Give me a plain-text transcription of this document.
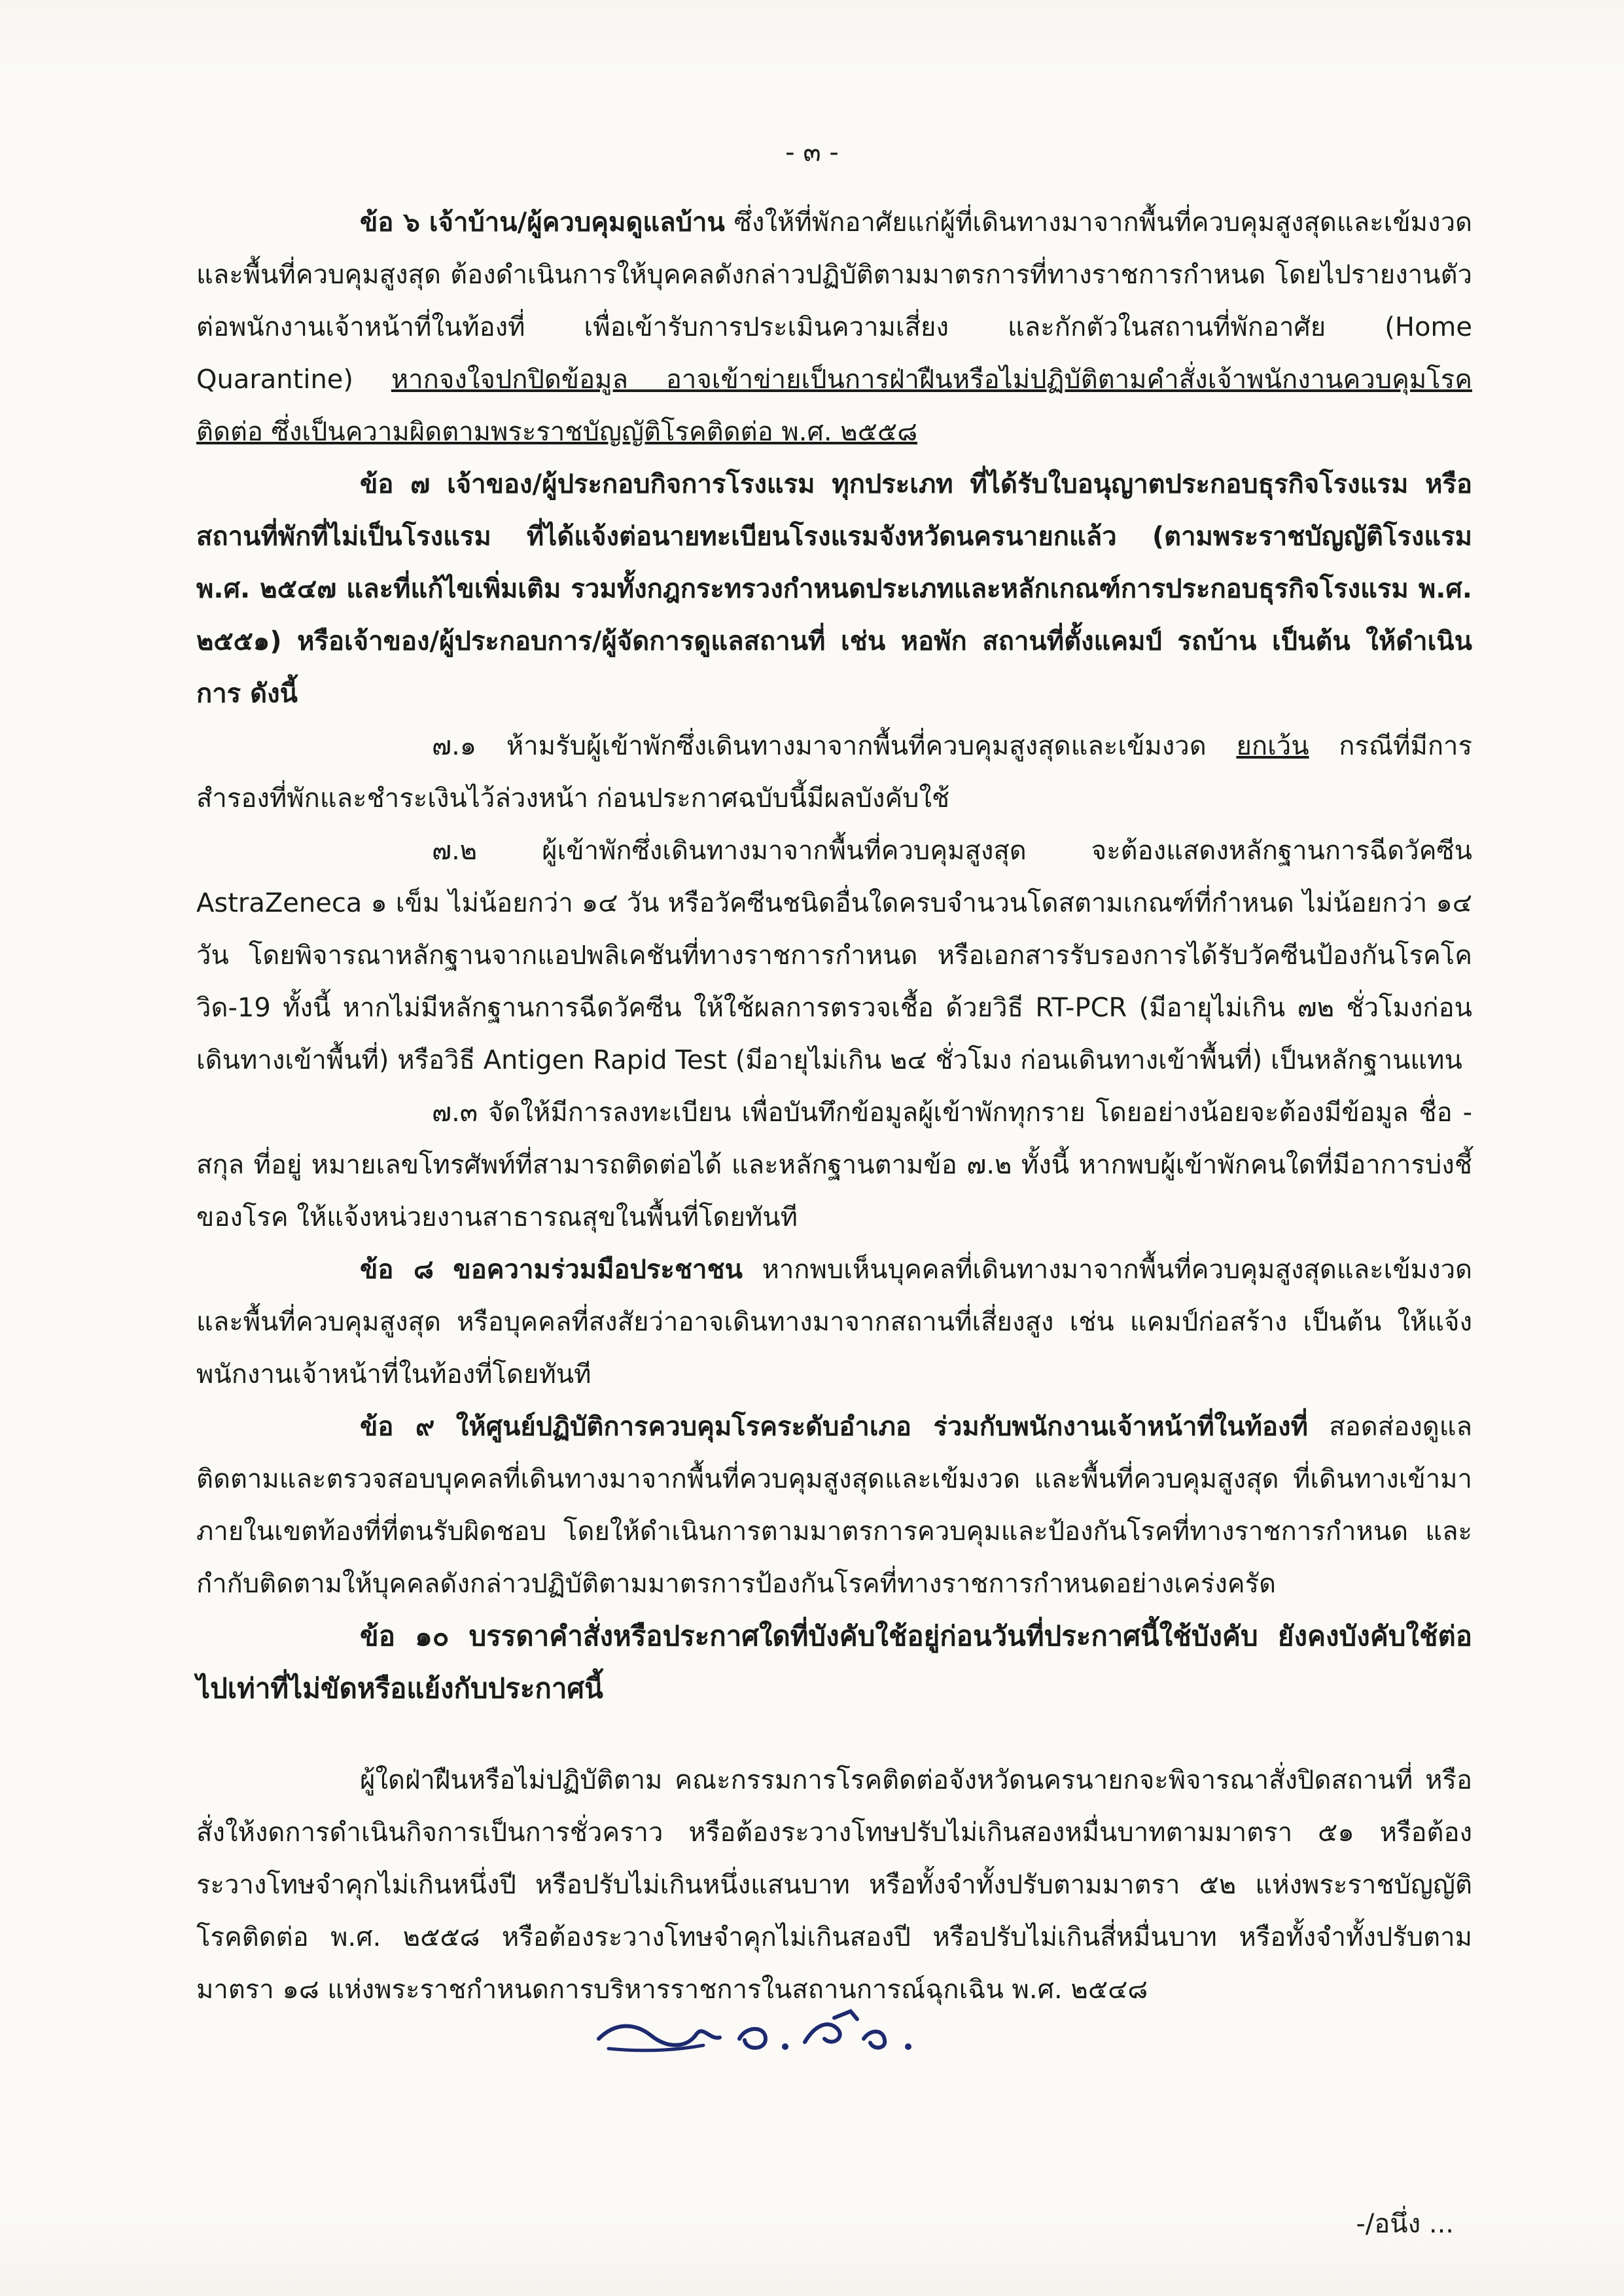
- ๓ -

ข้อ ๖ เจ้าบ้าน/ผู้ควบคุมดูแลบ้าน ซึ่งให้ที่พักอาศัยแก่ผู้ที่เดินทางมาจากพื้นที่ควบคุมสูงสุดและเข้มงวด และพื้นที่ควบคุมสูงสุด ต้องดำเนินการให้บุคคลดังกล่าวปฏิบัติตามมาตรการที่ทางราชการกำหนด โดยไปรายงานตัวต่อพนักงานเจ้าหน้าที่ในท้องที่ เพื่อเข้ารับการประเมินความเสี่ยง และกักตัวในสถานที่พักอาศัย (Home Quarantine) หากจงใจปกปิดข้อมูล อาจเข้าข่ายเป็นการฝ่าฝืนหรือไม่ปฏิบัติตามคำสั่งเจ้าพนักงานควบคุมโรคติดต่อ ซึ่งเป็นความผิดตามพระราชบัญญัติโรคติดต่อ พ.ศ. ๒๕๕๘

ข้อ ๗ เจ้าของ/ผู้ประกอบกิจการโรงแรม ทุกประเภท ที่ได้รับใบอนุญาตประกอบธุรกิจโรงแรม หรือสถานที่พักที่ไม่เป็นโรงแรม ที่ได้แจ้งต่อนายทะเบียนโรงแรมจังหวัดนครนายกแล้ว (ตามพระราชบัญญัติโรงแรม พ.ศ. ๒๕๔๗ และที่แก้ไขเพิ่มเติม รวมทั้งกฎกระทรวงกำหนดประเภทและหลักเกณฑ์การประกอบธุรกิจโรงแรม พ.ศ. ๒๕๕๑) หรือเจ้าของ/ผู้ประกอบการ/ผู้จัดการดูแลสถานที่ เช่น หอพัก สถานที่ตั้งแคมป์ รถบ้าน เป็นต้น ให้ดำเนินการ ดังนี้

๗.๑ ห้ามรับผู้เข้าพักซึ่งเดินทางมาจากพื้นที่ควบคุมสูงสุดและเข้มงวด ยกเว้น กรณีที่มีการสำรองที่พักและชำระเงินไว้ล่วงหน้า ก่อนประกาศฉบับนี้มีผลบังคับใช้

๗.๒ ผู้เข้าพักซึ่งเดินทางมาจากพื้นที่ควบคุมสูงสุด จะต้องแสดงหลักฐานการฉีดวัคซีน AstraZeneca ๑ เข็ม ไม่น้อยกว่า ๑๔ วัน หรือวัคซีนชนิดอื่นใดครบจำนวนโดสตามเกณฑ์ที่กำหนด ไม่น้อยกว่า ๑๔ วัน โดยพิจารณาหลักฐานจากแอปพลิเคชันที่ทางราชการกำหนด หรือเอกสารรับรองการได้รับวัคซีนป้องกันโรคโควิด-19 ทั้งนี้ หากไม่มีหลักฐานการฉีดวัคซีน ให้ใช้ผลการตรวจเชื้อ ด้วยวิธี RT-PCR (มีอายุไม่เกิน ๗๒ ชั่วโมงก่อนเดินทางเข้าพื้นที่) หรือวิธี Antigen Rapid Test (มีอายุไม่เกิน ๒๔ ชั่วโมง ก่อนเดินทางเข้าพื้นที่) เป็นหลักฐานแทน

๗.๓ จัดให้มีการลงทะเบียน เพื่อบันทึกข้อมูลผู้เข้าพักทุกราย โดยอย่างน้อยจะต้องมีข้อมูล ชื่อ - สกุล ที่อยู่ หมายเลขโทรศัพท์ที่สามารถติดต่อได้ และหลักฐานตามข้อ ๗.๒ ทั้งนี้ หากพบผู้เข้าพักคนใดที่มีอาการบ่งชี้ของโรค ให้แจ้งหน่วยงานสาธารณสุขในพื้นที่โดยทันที

ข้อ ๘ ขอความร่วมมือประชาชน หากพบเห็นบุคคลที่เดินทางมาจากพื้นที่ควบคุมสูงสุดและเข้มงวด และพื้นที่ควบคุมสูงสุด หรือบุคคลที่สงสัยว่าอาจเดินทางมาจากสถานที่เสี่ยงสูง เช่น แคมป์ก่อสร้าง เป็นต้น ให้แจ้งพนักงานเจ้าหน้าที่ในท้องที่โดยทันที

ข้อ ๙ ให้ศูนย์ปฏิบัติการควบคุมโรคระดับอำเภอ ร่วมกับพนักงานเจ้าหน้าที่ในท้องที่ สอดส่องดูแล ติดตามและตรวจสอบบุคคลที่เดินทางมาจากพื้นที่ควบคุมสูงสุดและเข้มงวด และพื้นที่ควบคุมสูงสุด ที่เดินทางเข้ามาภายในเขตท้องที่ที่ตนรับผิดชอบ โดยให้ดำเนินการตามมาตรการควบคุมและป้องกันโรคที่ทางราชการกำหนด และกำกับติดตามให้บุคคลดังกล่าวปฏิบัติตามมาตรการป้องกันโรคที่ทางราชการกำหนดอย่างเคร่งครัด

ข้อ ๑๐ บรรดาคำสั่งหรือประกาศใดที่บังคับใช้อยู่ก่อนวันที่ประกาศนี้ใช้บังคับ ยังคงบังคับใช้ต่อไปเท่าที่ไม่ขัดหรือแย้งกับประกาศนี้

ผู้ใดฝ่าฝืนหรือไม่ปฏิบัติตาม คณะกรรมการโรคติดต่อจังหวัดนครนายกจะพิจารณาสั่งปิดสถานที่ หรือสั่งให้งดการดำเนินกิจการเป็นการชั่วคราว หรือต้องระวางโทษปรับไม่เกินสองหมื่นบาทตามมาตรา ๕๑ หรือต้องระวางโทษจำคุกไม่เกินหนึ่งปี หรือปรับไม่เกินหนึ่งแสนบาท หรือทั้งจำทั้งปรับตามมาตรา ๕๒ แห่งพระราชบัญญัติโรคติดต่อ พ.ศ. ๒๕๕๘ หรือต้องระวางโทษจำคุกไม่เกินสองปี หรือปรับไม่เกินสี่หมื่นบาท หรือทั้งจำทั้งปรับตามมาตรา ๑๘ แห่งพระราชกำหนดการบริหารราชการในสถานการณ์ฉุกเฉิน พ.ศ. ๒๕๔๘

-/อนึ่ง ...
